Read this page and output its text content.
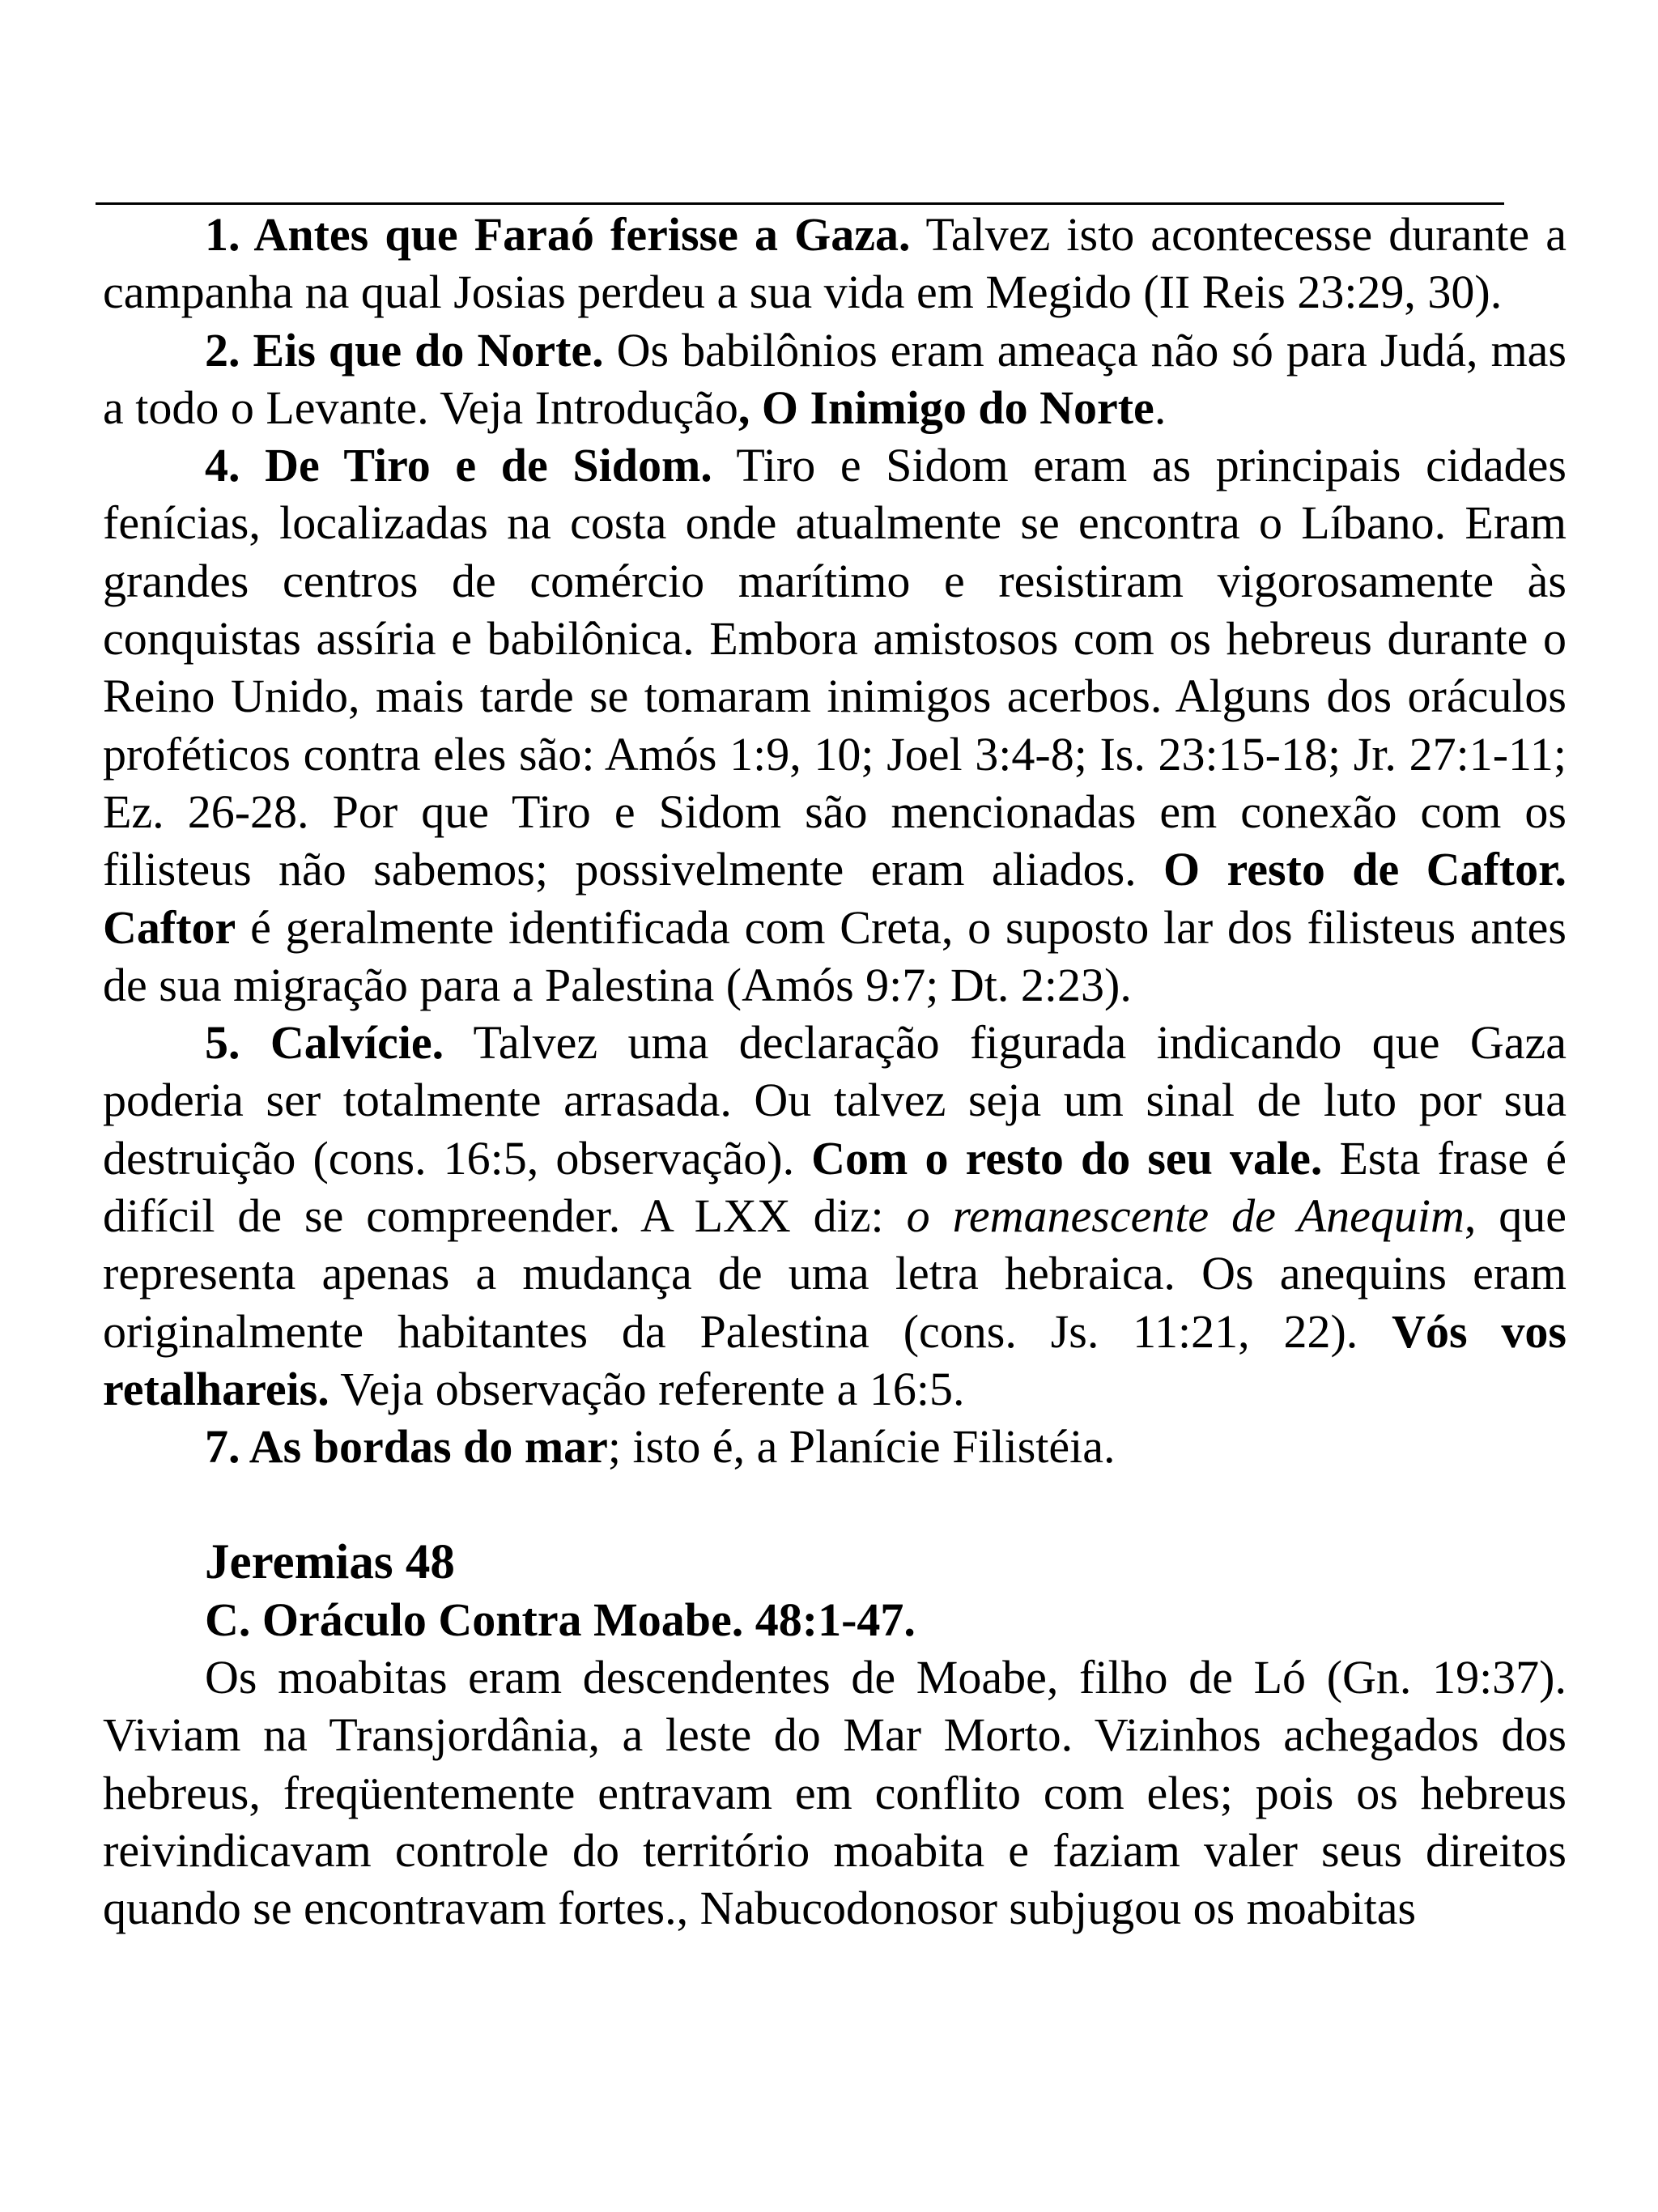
1. Antes que Faraó ferisse a Gaza. Talvez isto acontecesse durante a campanha na qual Josias perdeu a sua vida em Megido (II Reis 23:29, 30).

2. Eis que do Norte. Os babilônios eram ameaça não só para Judá, mas a todo o Levante. Veja Introdução, O Inimigo do Norte.

4. De Tiro e de Sidom. Tiro e Sidom eram as principais cidades fenícias, localizadas na costa onde atualmente se encontra o Líbano. Eram grandes centros de comércio marítimo e resistiram vigorosamente às conquistas assíria e babilônica. Embora amistosos com os hebreus durante o Reino Unido, mais tarde se tomaram inimigos acerbos. Alguns dos oráculos proféticos contra eles são: Amós 1:9, 10; Joel 3:4-8; Is. 23:15-18; Jr. 27:1-11; Ez. 26-28. Por que Tiro e Sidom são mencionadas em conexão com os filisteus não sabemos; possivelmente eram aliados. O resto de Caftor. Caftor é geralmente identificada com Creta, o suposto lar dos filisteus antes de sua migração para a Palestina (Amós 9:7; Dt. 2:23).

5. Calvície. Talvez uma declaração figurada indicando que Gaza poderia ser totalmente arrasada. Ou talvez seja um sinal de luto por sua destruição (cons. 16:5, observação). Com o resto do seu vale. Esta frase é difícil de se compreender. A LXX diz: o remanescente de Anequim, que representa apenas a mudança de uma letra hebraica. Os anequins eram originalmente habitantes da Palestina (cons. Js. 11:21, 22). Vós vos retalhareis. Veja observação referente a 16:5.

7. As bordas do mar; isto é, a Planície Filistéia.

Jeremias 48
C. Oráculo Contra Moabe. 48:1-47.

Os moabitas eram descendentes de Moabe, filho de Ló (Gn. 19:37). Viviam na Transjordânia, a leste do Mar Morto. Vizinhos achegados dos hebreus, freqüentemente entravam em conflito com eles; pois os hebreus reivindicavam controle do território moabita e faziam valer seus direitos quando se encontravam fortes., Nabucodonosor subjugou os moabitas
